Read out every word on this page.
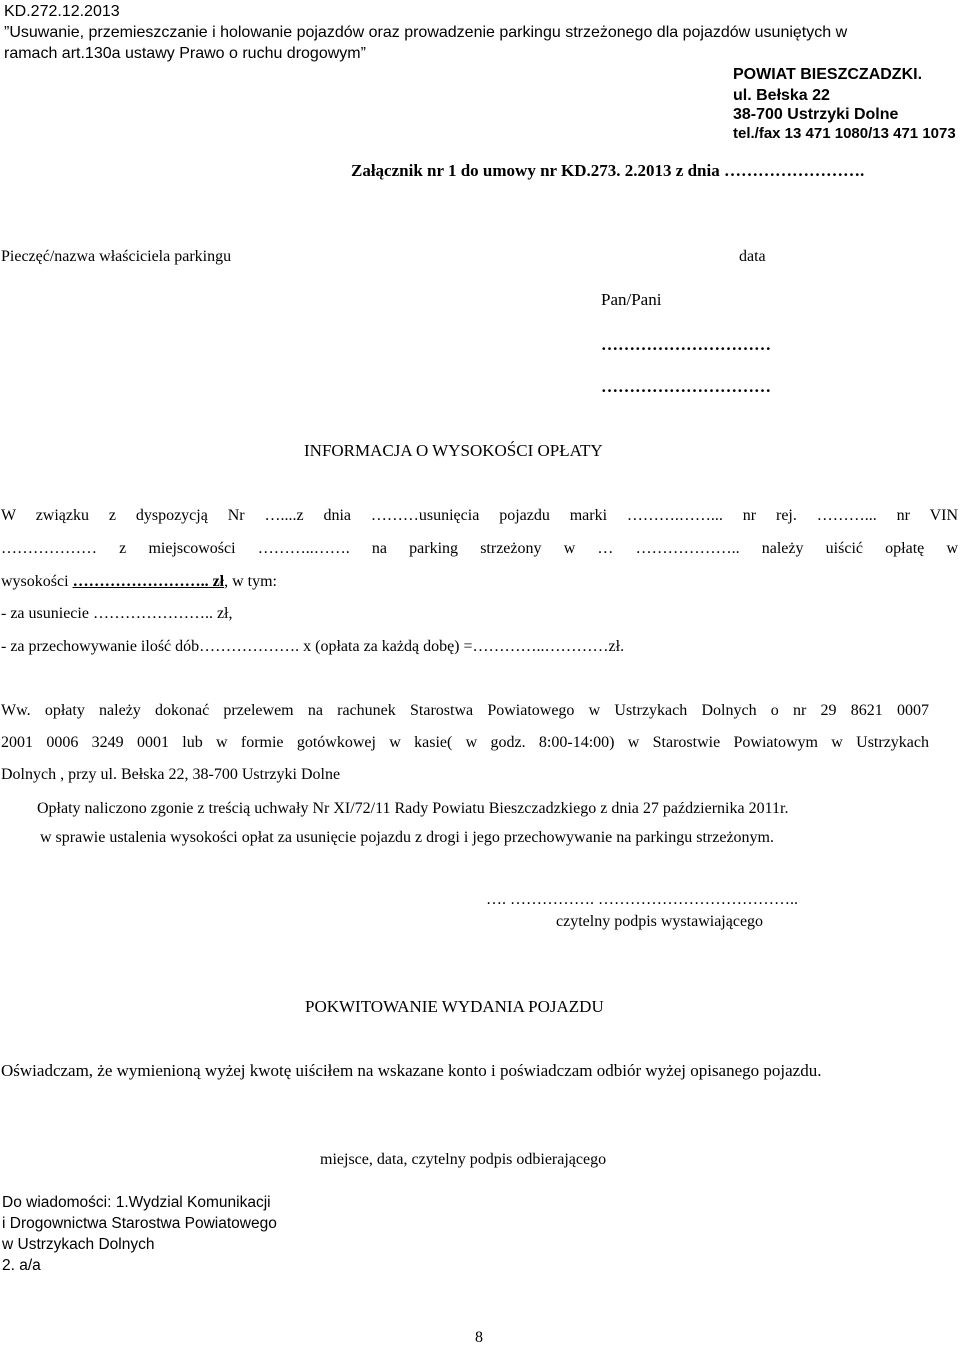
KD.272.12.2013
”Usuwanie, przemieszczanie i holowanie pojazdów oraz prowadzenie parkingu strzeżonego dla pojazdów usuniętych w
ramach art.130a ustawy Prawo o ruchu drogowym”
POWIAT BIESZCZADZKI.
ul. Bełska 22
38-700 Ustrzyki Dolne
tel./fax 13 471 1080/13 471 1073
Załącznik nr 1 do umowy nr KD.273. 2.2013 z dnia …………………….
Pieczęć/nazwa właściciela parkingu	data
Pan/Pani
…………………………
…………………………
INFORMACJA O WYSOKOŚCI OPŁATY
W związku z dyspozycją Nr …....z dnia ………usunięcia pojazdu marki ……….……... nr rej. ………... nr VIN
……………… z miejscowości ………..……. na parking strzeżony w … ……………….. należy uiścić opłatę w
wysokości …………………….. zł, w tym:
- za usuniecie ………………….. zł,
- za przechowywanie ilość dób………………. x (opłata za każdą dobę) =…………..…………zł.
Ww. opłaty należy dokonać przelewem na rachunek Starostwa Powiatowego w Ustrzykach Dolnych o nr 29 8621 0007
2001 0006 3249 0001 lub w formie gotówkowej w kasie( w godz. 8:00-14:00) w Starostwie Powiatowym w Ustrzykach
Dolnych , przy ul. Bełska 22, 38-700 Ustrzyki Dolne
Opłaty naliczono zgonie z treścią uchwały Nr XI/72/11 Rady Powiatu Bieszczadzkiego z dnia 27 października 2011r.
w sprawie ustalenia wysokości opłat za usunięcie pojazdu z drogi i jego przechowywanie na parkingu strzeżonym.
…. ……………. ………………………………..
czytelny podpis wystawiającego
POKWITOWANIE WYDANIA POJAZDU
Oświadczam, że wymienioną wyżej kwotę uiściłem na wskazane konto i poświadczam odbiór wyżej opisanego pojazdu.
miejsce, data, czytelny podpis odbierającego
Do wiadomości: 1.Wydzial Komunikacji
i Drogownictwa Starostwa Powiatowego
w Ustrzykach Dolnych
2. a/a
8
